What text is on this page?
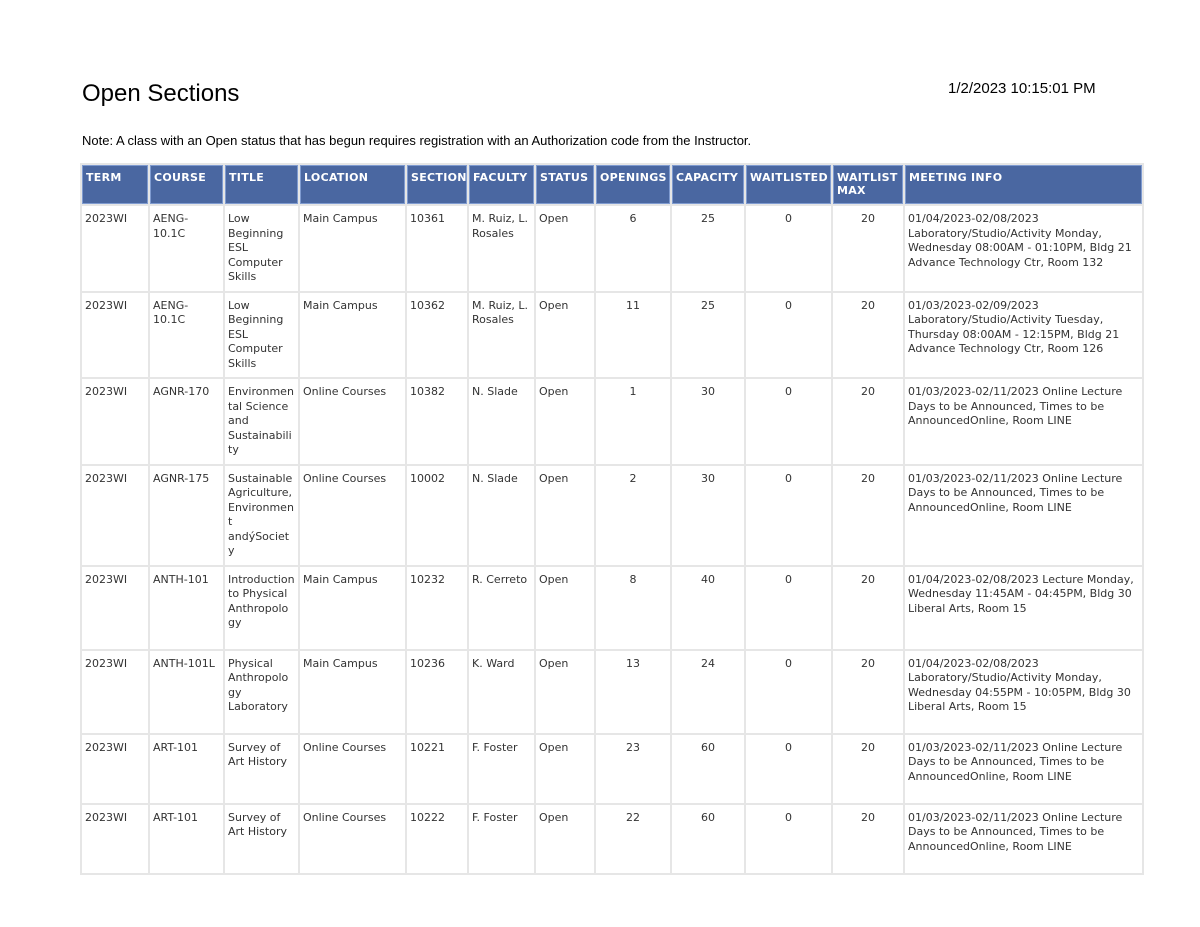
Open Sections	1/2/2023 10:15:01 PM
Note: A class with an Open status that has begun requires registration with an Authorization code from the Instructor.
TERM	COURSE	TITLE	LOCATION	SECTION	FACULTY	STATUS	OPENINGS	CAPACITY	WAITLISTED	WAITLIST MAX	MEETING INFO
2023WI	AENG-10.1C	Low Beginning ESL Computer Skills	Main Campus	10361	M. Ruiz, L. Rosales	Open	6	25	0	20	01/04/2023-02/08/2023 Laboratory/Studio/Activity Monday, Wednesday 08:00AM - 01:10PM, Bldg 21 Advance Technology Ctr, Room 132
2023WI	AENG-10.1C	Low Beginning ESL Computer Skills	Main Campus	10362	M. Ruiz, L. Rosales	Open	11	25	0	20	01/03/2023-02/09/2023 Laboratory/Studio/Activity Tuesday, Thursday 08:00AM - 12:15PM, Bldg 21 Advance Technology Ctr, Room 126
2023WI	AGNR-170	Environmental Science and Sustainability	Online Courses	10382	N. Slade	Open	1	30	0	20	01/03/2023-02/11/2023 Online Lecture Days to be Announced, Times to be AnnouncedOnline, Room LINE
2023WI	AGNR-175	Sustainable Agriculture, Environment andýSociety	Online Courses	10002	N. Slade	Open	2	30	0	20	01/03/2023-02/11/2023 Online Lecture Days to be Announced, Times to be AnnouncedOnline, Room LINE
2023WI	ANTH-101	Introduction to Physical Anthropology	Main Campus	10232	R. Cerreto	Open	8	40	0	20	01/04/2023-02/08/2023 Lecture Monday, Wednesday 11:45AM - 04:45PM, Bldg 30 Liberal Arts, Room 15
2023WI	ANTH-101L	Physical Anthropology Laboratory	Main Campus	10236	K. Ward	Open	13	24	0	20	01/04/2023-02/08/2023 Laboratory/Studio/Activity Monday, Wednesday 04:55PM - 10:05PM, Bldg 30 Liberal Arts, Room 15
2023WI	ART-101	Survey of Art History	Online Courses	10221	F. Foster	Open	23	60	0	20	01/03/2023-02/11/2023 Online Lecture Days to be Announced, Times to be AnnouncedOnline, Room LINE
2023WI	ART-101	Survey of Art History	Online Courses	10222	F. Foster	Open	22	60	0	20	01/03/2023-02/11/2023 Online Lecture Days to be Announced, Times to be AnnouncedOnline, Room LINE
